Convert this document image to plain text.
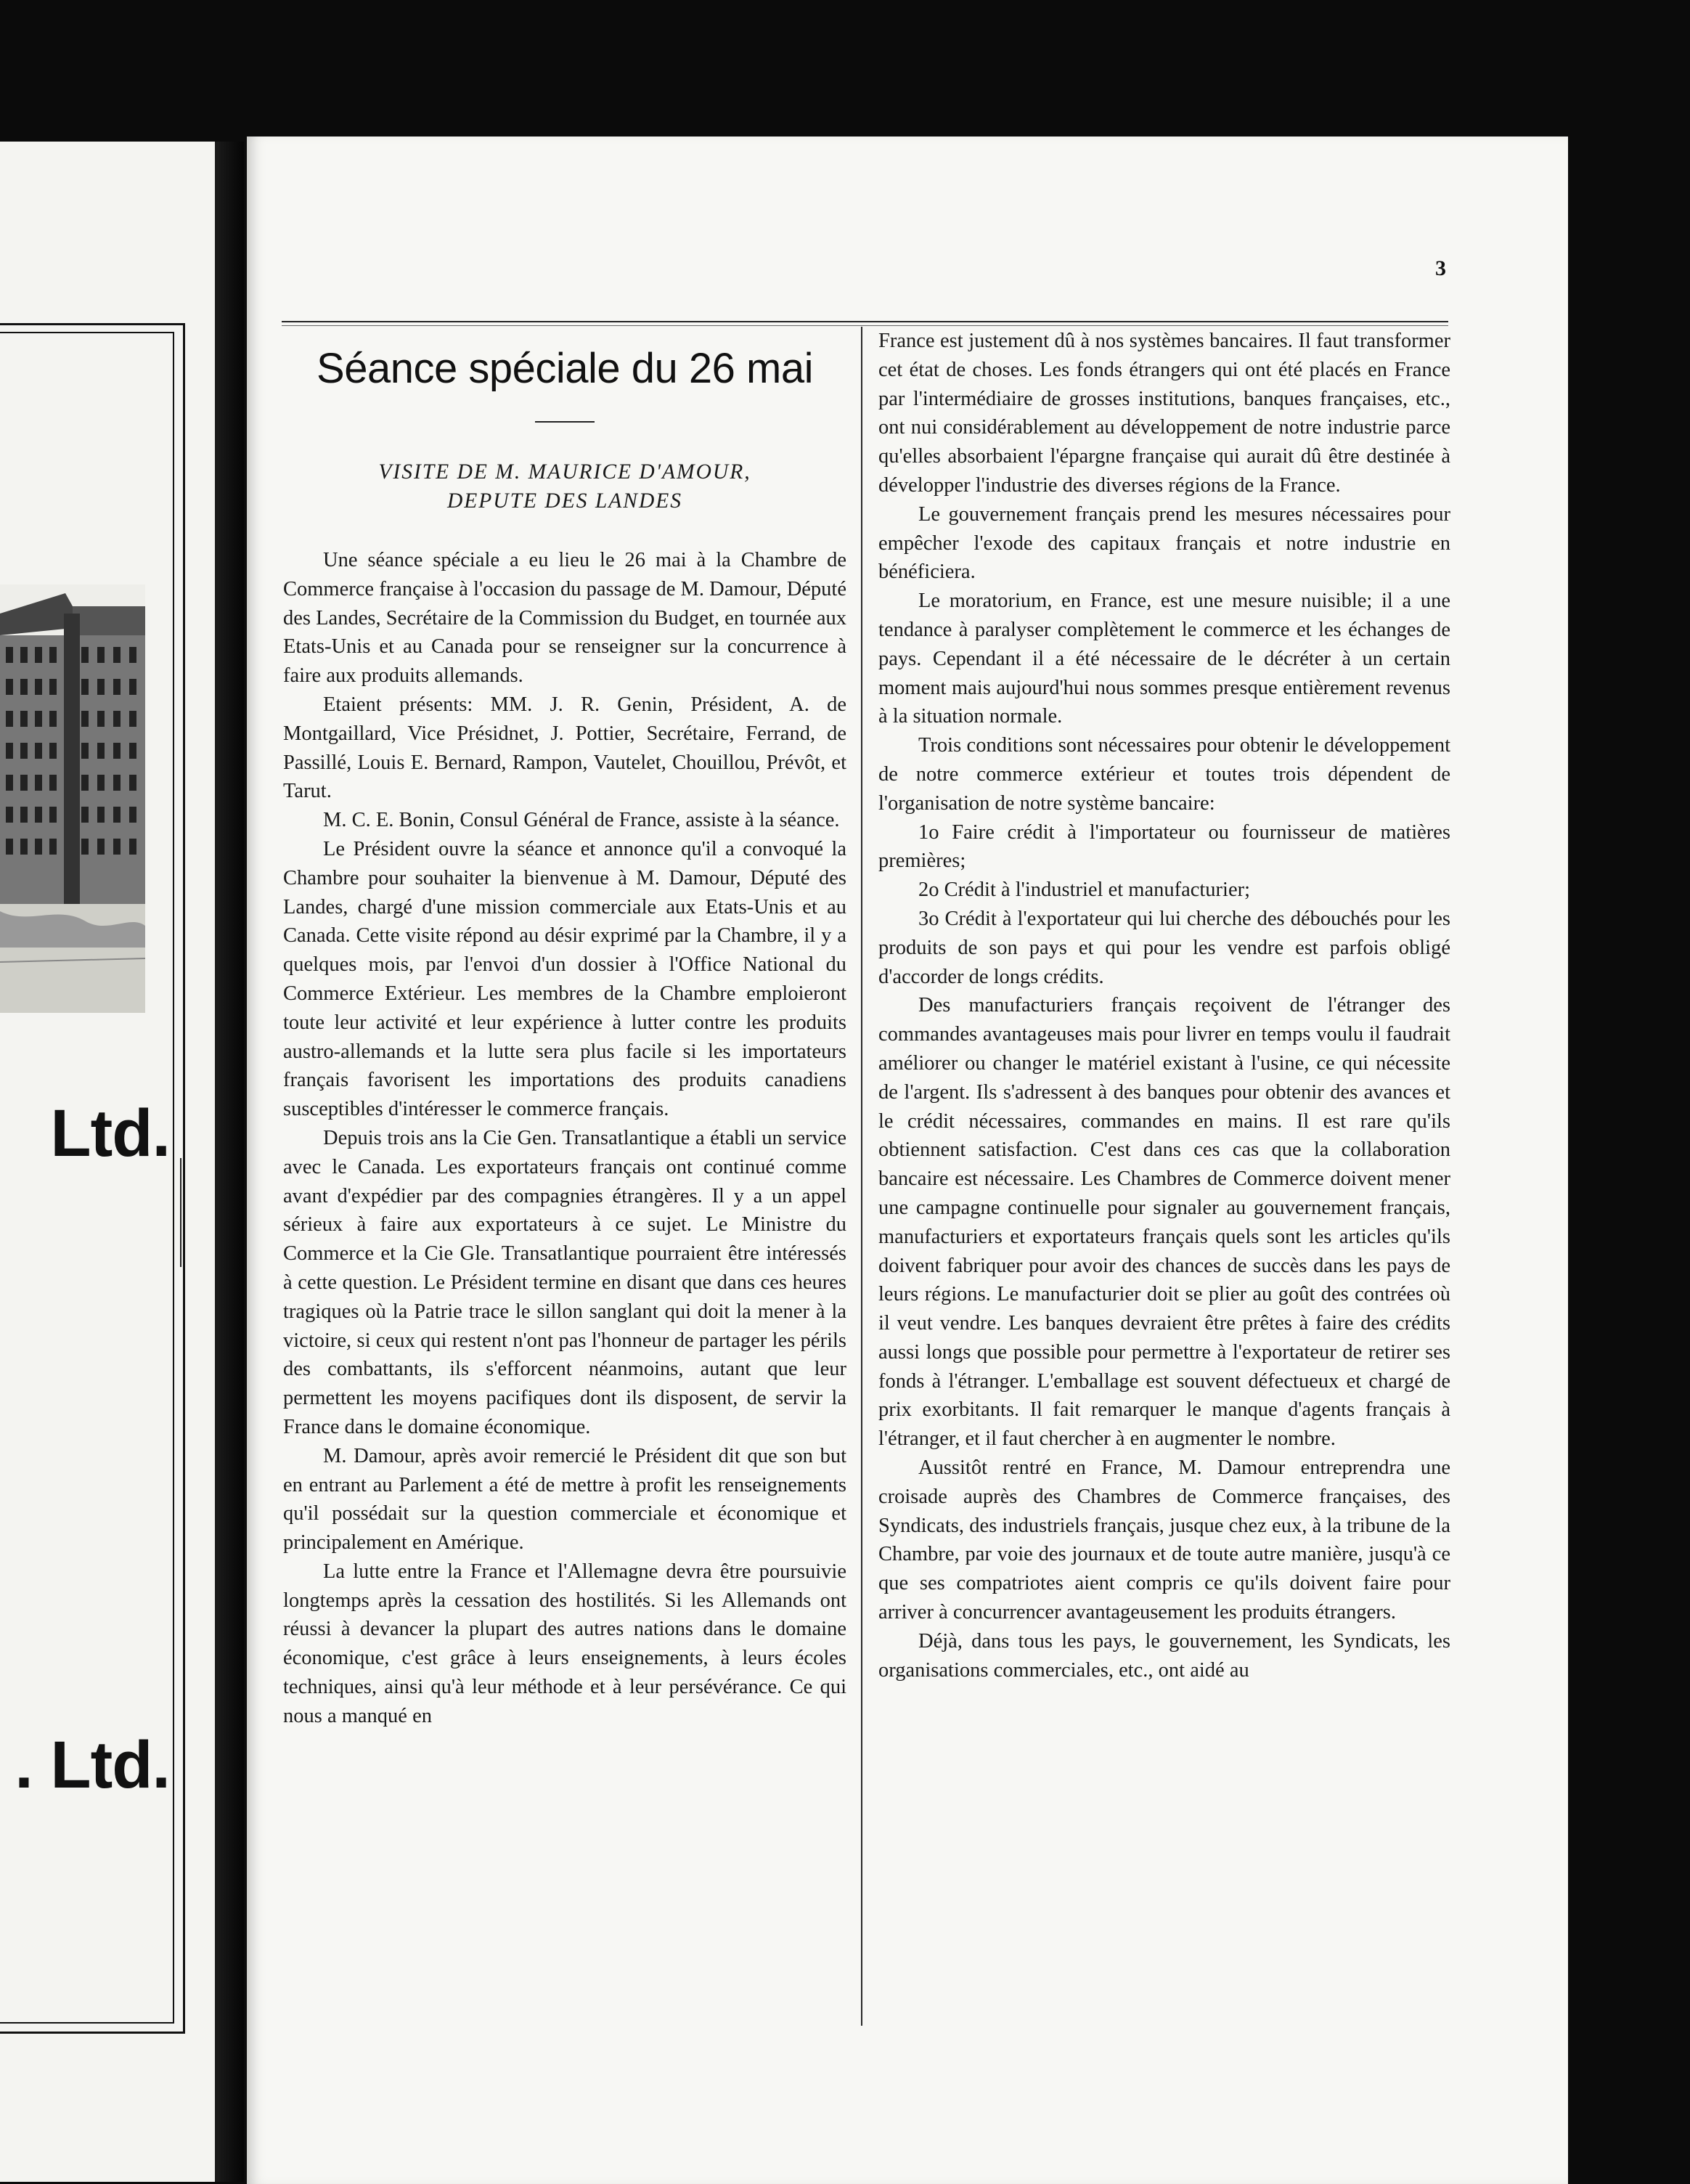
Ltd.
. Ltd.
3
Séance spéciale du 26 mai
VISITE DE M. MAURICE D'AMOUR,
DEPUTE DES LANDES

Une séance spéciale a eu lieu le 26 mai à la Chambre de Commerce française à l'occasion du passage de M. Damour, Député des Landes, Secrétaire de la Commission du Budget, en tournée aux Etats-Unis et au Canada pour se renseigner sur la concurrence à faire aux produits allemands.

Etaient présents: MM. J. R. Genin, Président, A. de Montgaillard, Vice Présidnet, J. Pottier, Secrétaire, Ferrand, de Passillé, Louis E. Bernard, Rampon, Vautelet, Chouillou, Prévôt, et Tarut.

M. C. E. Bonin, Consul Général de France, assiste à la séance.

Le Président ouvre la séance et annonce qu'il a convoqué la Chambre pour souhaiter la bienvenue à M. Damour, Député des Landes, chargé d'une mission commerciale aux Etats-Unis et au Canada. Cette visite répond au désir exprimé par la Chambre, il y a quelques mois, par l'envoi d'un dossier à l'Office National du Commerce Extérieur. Les membres de la Chambre emploieront toute leur activité et leur expérience à lutter contre les produits austro-allemands et la lutte sera plus facile si les importateurs français favorisent les importations des produits canadiens susceptibles d'intéresser le commerce français.

Depuis trois ans la Cie Gen. Transatlantique a établi un service avec le Canada. Les exportateurs français ont continué comme avant d'expédier par des compagnies étrangères. Il y a un appel sérieux à faire aux exportateurs à ce sujet. Le Ministre du Commerce et la Cie Gle. Transatlantique pourraient être intéressés à cette question. Le Président termine en disant que dans ces heures tragiques où la Patrie trace le sillon sanglant qui doit la mener à la victoire, si ceux qui restent n'ont pas l'honneur de partager les périls des combattants, ils s'efforcent néanmoins, autant que leur permettent les moyens pacifiques dont ils disposent, de servir la France dans le domaine économique.

M. Damour, après avoir remercié le Président dit que son but en entrant au Parlement a été de mettre à profit les renseignements qu'il possédait sur la question commerciale et économique et principalement en Amérique.

La lutte entre la France et l'Allemagne devra être poursuivie longtemps après la cessation des hostilités. Si les Allemands ont réussi à devancer la plupart des autres nations dans le domaine économique, c'est grâce à leurs enseignements, à leurs écoles techniques, ainsi qu'à leur méthode et à leur persévérance. Ce qui nous a manqué en

France est justement dû à nos systèmes bancaires. Il faut transformer cet état de choses. Les fonds étrangers qui ont été placés en France par l'intermédiaire de grosses institutions, banques françaises, etc., ont nui considérablement au développement de notre industrie parce qu'elles absorbaient l'épargne française qui aurait dû être destinée à développer l'industrie des diverses régions de la France.

Le gouvernement français prend les mesures nécessaires pour empêcher l'exode des capitaux français et notre industrie en bénéficiera.

Le moratorium, en France, est une mesure nuisible; il a une tendance à paralyser complètement le commerce et les échanges de pays. Cependant il a été nécessaire de le décréter à un certain moment mais aujourd'hui nous sommes presque entièrement revenus à la situation normale.

Trois conditions sont nécessaires pour obtenir le développement de notre commerce extérieur et toutes trois dépendent de l'organisation de notre système bancaire:

1o Faire crédit à l'importateur ou fournisseur de matières premières;

2o Crédit à l'industriel et manufacturier;

3o Crédit à l'exportateur qui lui cherche des débouchés pour les produits de son pays et qui pour les vendre est parfois obligé d'accorder de longs crédits.

Des manufacturiers français reçoivent de l'étranger des commandes avantageuses mais pour livrer en temps voulu il faudrait améliorer ou changer le matériel existant à l'usine, ce qui nécessite de l'argent. Ils s'adressent à des banques pour obtenir des avances et le crédit nécessaires, commandes en mains. Il est rare qu'ils obtiennent satisfaction. C'est dans ces cas que la collaboration bancaire est nécessaire. Les Chambres de Commerce doivent mener une campagne continuelle pour signaler au gouvernement français, manufacturiers et exportateurs français quels sont les articles qu'ils doivent fabriquer pour avoir des chances de succès dans les pays de leurs régions. Le manufacturier doit se plier au goût des contrées où il veut vendre. Les banques devraient être prêtes à faire des crédits aussi longs que possible pour permettre à l'exportateur de retirer ses fonds à l'étranger. L'emballage est souvent défectueux et chargé de prix exorbitants. Il fait remarquer le manque d'agents français à l'étranger, et il faut chercher à en augmenter le nombre.

Aussitôt rentré en France, M. Damour entreprendra une croisade auprès des Chambres de Commerce françaises, des Syndicats, des industriels français, jusque chez eux, à la tribune de la Chambre, par voie des journaux et de toute autre manière, jusqu'à ce que ses compatriotes aient compris ce qu'ils doivent faire pour arriver à concurrencer avantageusement les produits étrangers.

Déjà, dans tous les pays, le gouvernement, les Syndicats, les organisations commerciales, etc., ont aidé au
